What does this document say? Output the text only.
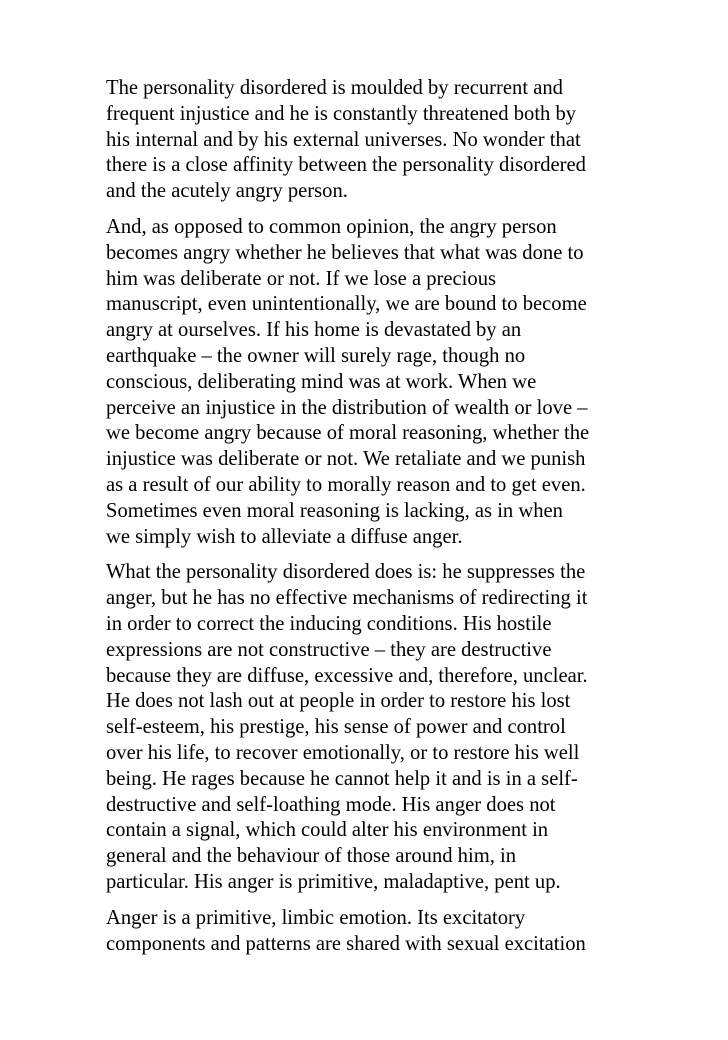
The personality disordered is moulded by recurrent and
frequent injustice and he is constantly threatened both by
his internal and by his external universes. No wonder that
there is a close affinity between the personality disordered
and the acutely angry person.

And, as opposed to common opinion, the angry person
becomes angry whether he believes that what was done to
him was deliberate or not. If we lose a precious
manuscript, even unintentionally, we are bound to become
angry at ourselves. If his home is devastated by an
earthquake – the owner will surely rage, though no
conscious, deliberating mind was at work. When we
perceive an injustice in the distribution of wealth or love –
we become angry because of moral reasoning, whether the
injustice was deliberate or not. We retaliate and we punish
as a result of our ability to morally reason and to get even.
Sometimes even moral reasoning is lacking, as in when
we simply wish to alleviate a diffuse anger.

What the personality disordered does is: he suppresses the
anger, but he has no effective mechanisms of redirecting it
in order to correct the inducing conditions. His hostile
expressions are not constructive – they are destructive
because they are diffuse, excessive and, therefore, unclear.
He does not lash out at people in order to restore his lost
self-esteem, his prestige, his sense of power and control
over his life, to recover emotionally, or to restore his well
being. He rages because he cannot help it and is in a self-
destructive and self-loathing mode. His anger does not
contain a signal, which could alter his environment in
general and the behaviour of those around him, in
particular. His anger is primitive, maladaptive, pent up.

Anger is a primitive, limbic emotion. Its excitatory
components and patterns are shared with sexual excitation
